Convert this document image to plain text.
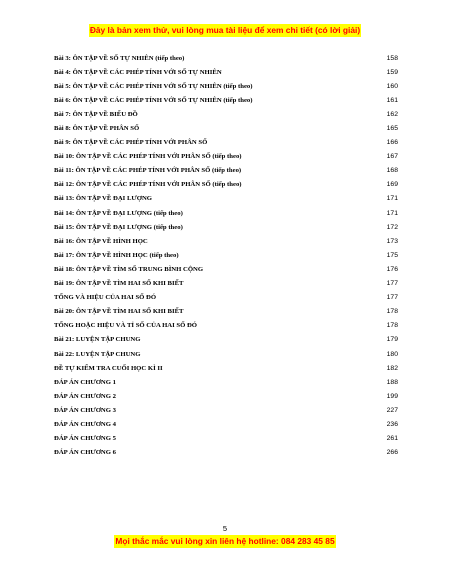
Đây là bản xem thử, vui lòng mua tài liệu để xem chi tiết (có lời giải)
Bài 3: ÔN TẬP VỀ SỐ TỰ NHIÊN (tiếp theo)	158
Bài 4: ÔN TẬP VỀ CÁC PHÉP TÍNH VỚI SỐ TỰ NHIÊN	159
Bài 5: ÔN TẬP VỀ CÁC PHÉP TÍNH VỚI SỐ TỰ NHIÊN (tiếp theo)	160
Bài 6: ÔN TẬP VỀ CÁC PHÉP TÍNH VỚI SỐ TỰ NHIÊN (tiếp theo)	161
Bài 7: ÔN TẬP VỀ BIỂU ĐỒ	162
Bài 8: ÔN TẬP VỀ PHÂN SỐ	165
Bài 9: ÔN TẬP VỀ CÁC PHÉP TÍNH VỚI PHÂN SỐ	166
Bài 10: ÔN TẬP VỀ CÁC PHÉP TÍNH VỚI PHÂN SỐ (tiếp theo)	167
Bài 11: ÔN TẬP VỀ CÁC PHÉP TÍNH VỚI PHÂN SỐ (tiếp theo)	168
Bài 12: ÔN TẬP VỀ CÁC PHÉP TÍNH VỚI PHÂN SỐ (tiếp theo)	169
Bài 13: ÔN TẬP VỀ ĐẠI LƯỢNG	171
Bài 14: ÔN TẬP VỀ ĐẠI LƯỢNG (tiếp theo)	171
Bài 15: ÔN TẬP VỀ ĐẠI LƯỢNG (tiếp theo)	172
Bài 16: ÔN TẬP VỀ HÌNH HỌC	173
Bài 17: ÔN TẬP VỀ HÌNH HỌC (tiếp theo)	175
Bài 18: ÔN TẬP VỀ TÌM SỐ TRUNG BÌNH CỘNG	176
Bài 19: ÔN TẬP VỀ TÌM HAI SỐ KHI BIẾT	177
TỔNG VÀ HIỆU CỦA HAI SỐ ĐÓ	177
Bài 20: ÔN TẬP VỀ TÌM HAI SỐ KHI BIẾT	178
TỔNG HOẶC HIỆU VÀ TỈ SỐ CỦA HAI SỐ ĐÓ	178
Bài 21: LUYỆN TẬP CHUNG	179
Bài 22: LUYỆN TẬP CHUNG	180
ĐỀ TỰ KIỂM TRA CUỐI HỌC KÌ II	182
ĐÁP ÁN CHƯƠNG 1	188
ĐÁP ÁN CHƯƠNG 2	199
ĐÁP ÁN CHƯƠNG 3	227
ĐÁP ÁN CHƯƠNG 4	236
ĐÁP ÁN CHƯƠNG 5	261
ĐÁP ÁN CHƯƠNG 6	266
5
Mọi thắc mắc vui lòng xin liên hệ hotline: 084 283 45 85
